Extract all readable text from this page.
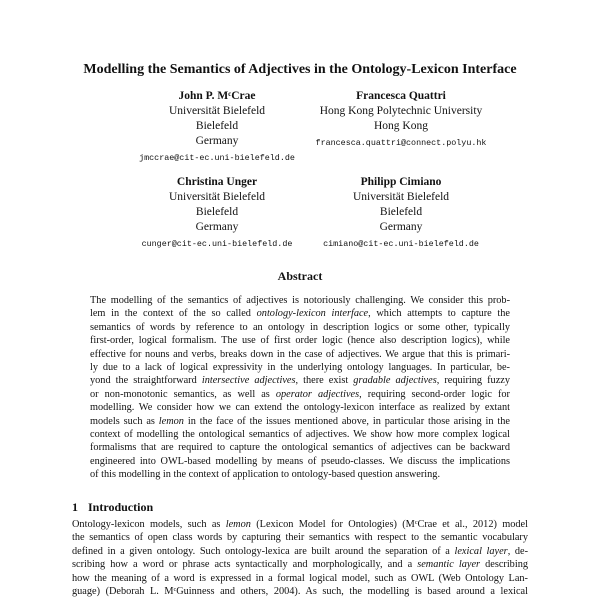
Modelling the Semantics of Adjectives in the Ontology-Lexicon Interface
John P. MᶜCrae
Universität Bielefeld
Bielefeld
Germany
jmccrae@cit-ec.uni-bielefeld.de
Francesca Quattri
Hong Kong Polytechnic University
Hong Kong
francesca.quattri@connect.polyu.hk
Christina Unger
Universität Bielefeld
Bielefeld
Germany
cunger@cit-ec.uni-bielefeld.de
Philipp Cimiano
Universität Bielefeld
Bielefeld
Germany
cimiano@cit-ec.uni-bielefeld.de
Abstract
The modelling of the semantics of adjectives is notoriously challenging. We consider this prob-
lem in the context of the so called ontology-lexicon interface, which attempts to capture the
semantics of words by reference to an ontology in description logics or some other, typically
first-order, logical formalism. The use of first order logic (hence also description logics), while
effective for nouns and verbs, breaks down in the case of adjectives. We argue that this is primari-
ly due to a lack of logical expressivity in the underlying ontology languages. In particular, be-
yond the straightforward intersective adjectives, there exist gradable adjectives, requiring fuzzy
or non-monotonic semantics, as well as operator adjectives, requiring second-order logic for
modelling. We consider how we can extend the ontology-lexicon interface as realized by extant
models such as lemon in the face of the issues mentioned above, in particular those arising in the
context of modelling the ontological semantics of adjectives. We show how more complex logical
formalisms that are required to capture the ontological semantics of adjectives can be backward
engineered into OWL-based modelling by means of pseudo-classes. We discuss the implications
of this modelling in the context of application to ontology-based question answering.
1 Introduction
Ontology-lexicon models, such as lemon (Lexicon Model for Ontologies) (MᶜCrae et al., 2012) model
the semantics of open class words by capturing their semantics with respect to the semantic vocabulary
defined in a given ontology. Such ontology-lexica are built around the separation of a lexical layer, de-
scribing how a word or phrase acts syntactically and morphologically, and a semantic layer describing
how the meaning of a word is expressed in a formal logical model, such as OWL (Web Ontology Lan-
guage) (Deborah L. MᶜGuinness and others, 2004). As such, the modelling is based around a lexical
